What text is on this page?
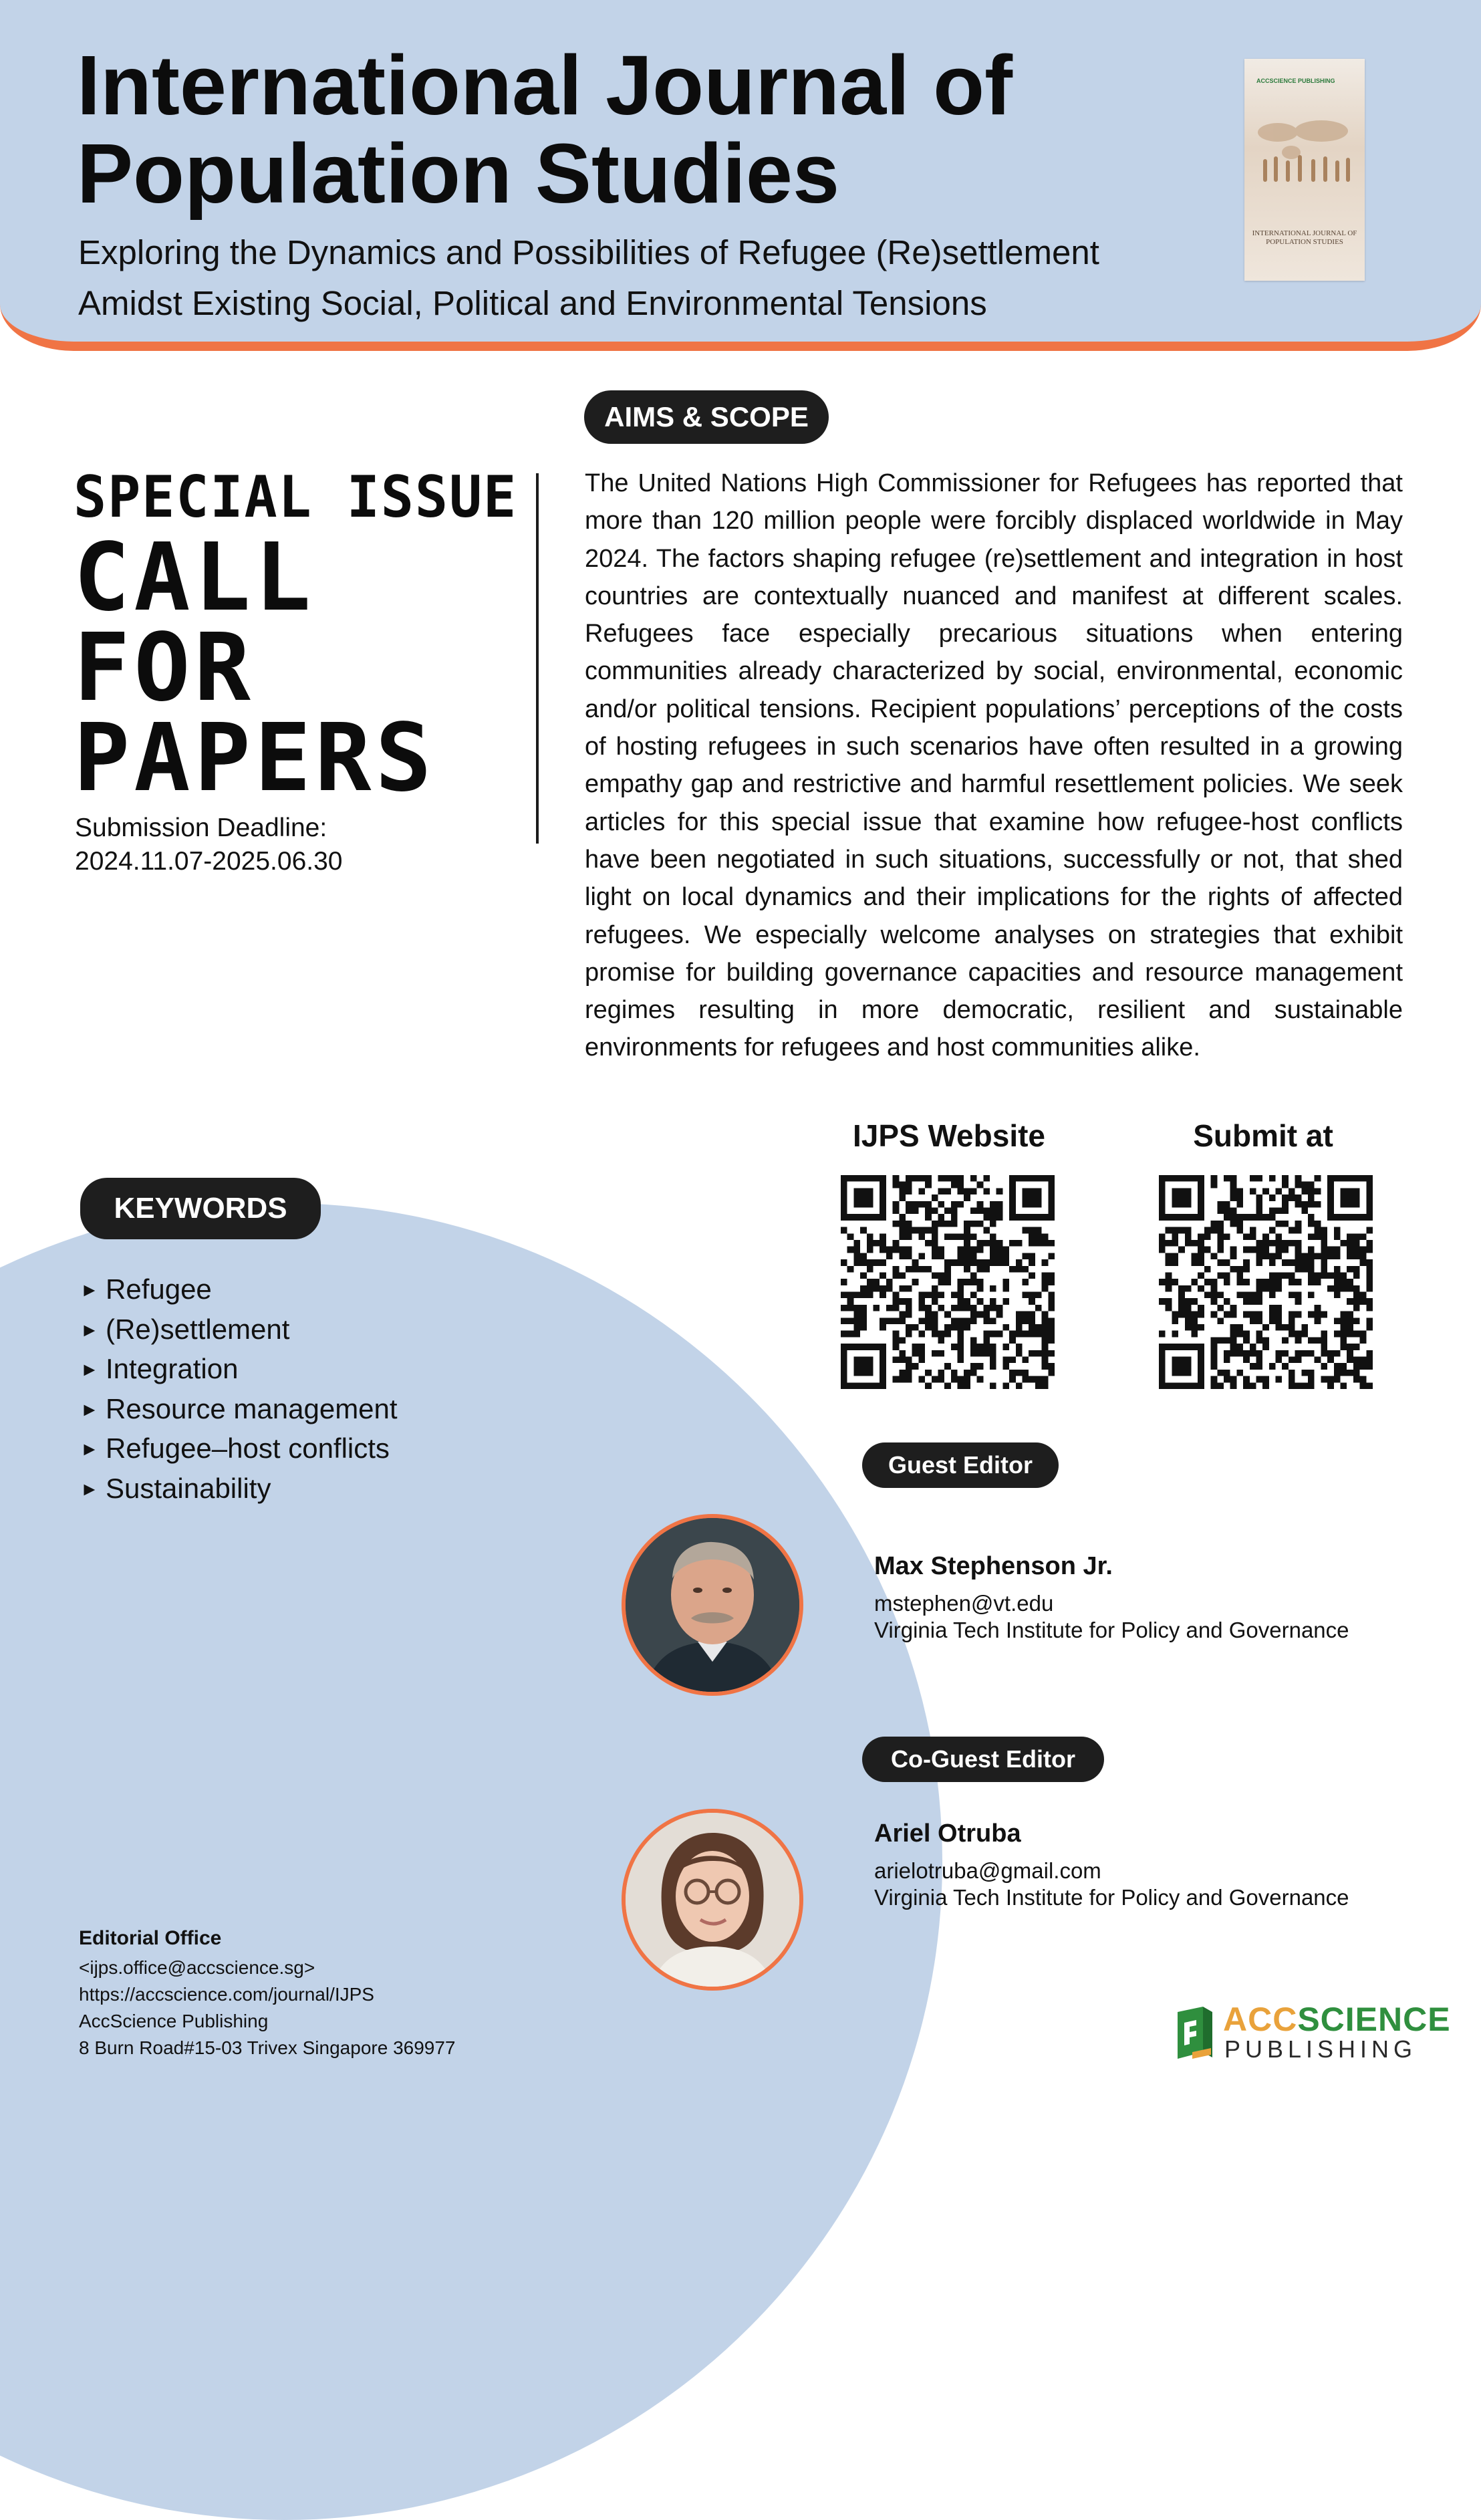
International Journal of
Population Studies
Exploring the Dynamics and Possibilities of Refugee (Re)settlement
Amidst Existing Social, Political and Environmental Tensions
ACCSCIENCE PUBLISHING
INTERNATIONAL JOURNAL OF POPULATION STUDIES
SPECIAL ISSUE
CALL
FOR
PAPERS
Submission Deadline:
2024.11.07-2025.06.30
AIMS & SCOPE
The United Nations High Commissioner for Refugees has reported that more than 120 million people were forcibly displaced worldwide in May 2024. The factors shaping refugee (re)settlement and integration in host countries are contextually nuanced and manifest at different scales. Refugees face especially precarious situations when entering communities already characterized by social, environmental, economic and/or political tensions. Recipient populations’ perceptions of the costs of hosting refugees in such scenarios have often resulted in a growing empathy gap and restrictive and harmful resettlement policies. We seek articles for this special issue that examine how refugee-host conflicts have been negotiated in such situations, successfully or not, that shed light on local dynamics and their implications for the rights of affected refugees. We especially welcome analyses on strategies that exhibit promise for building governance capacities and resource management regimes resulting in more democratic, resilient and sustainable environments for refugees and host communities alike.
IJPS Website	Submit at
KEYWORDS
► Refugee
► (Re)settlement
► Integration
► Resource management
► Refugee–host conflicts
► Sustainability
Guest Editor
Max Stephenson Jr.
mstephen@vt.edu
Virginia Tech Institute for Policy and Governance
Co-Guest Editor
Ariel Otruba
arielotruba@gmail.com
Virginia Tech Institute for Policy and Governance
Editorial Office
<ijps.office@accscience.sg>
https://accscience.com/journal/IJPS
AccScience Publishing
8 Burn Road#15-03 Trivex Singapore 369977
ACCSCIENCE
PUBLISHING
